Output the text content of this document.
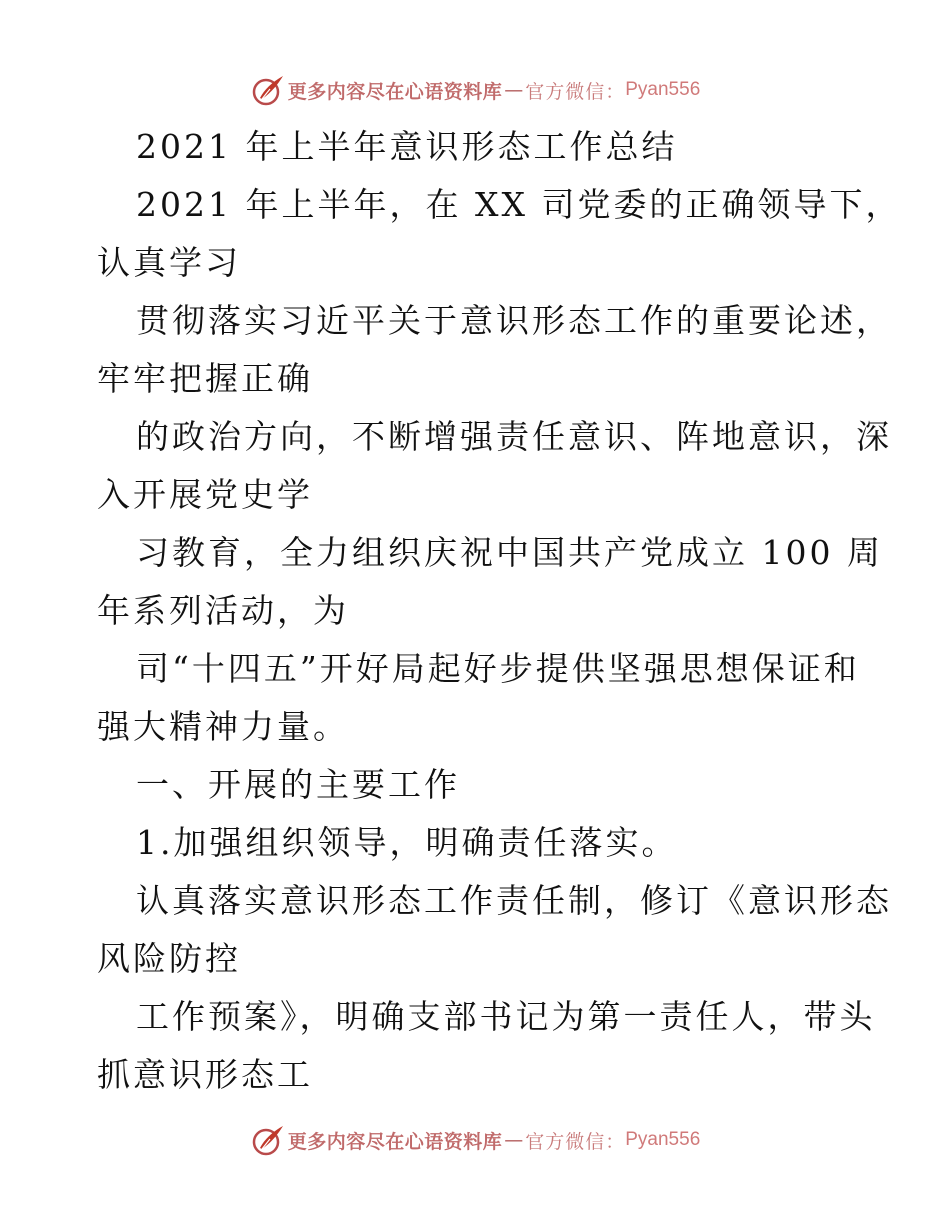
更多内容尽在心语资料库 — 官方微信： Pyan556
2021 年上半年意识形态工作总结
2021 年上半年，在 XX 司党委的正确领导下，
认真学习
贯彻落实习近平关于意识形态工作的重要论述，
牢牢把握正确
的政治方向，不断增强责任意识、阵地意识，深
入开展党史学
习教育，全力组织庆祝中国共产党成立 100 周
年系列活动，为
司“十四五”开好局起好步提供坚强思想保证和
强大精神力量。
一、开展的主要工作
1.加强组织领导，明确责任落实。
认真落实意识形态工作责任制，修订《意识形态
风险防控
工作预案》，明确支部书记为第一责任人，带头
抓意识形态工
更多内容尽在心语资料库 — 官方微信： Pyan556
